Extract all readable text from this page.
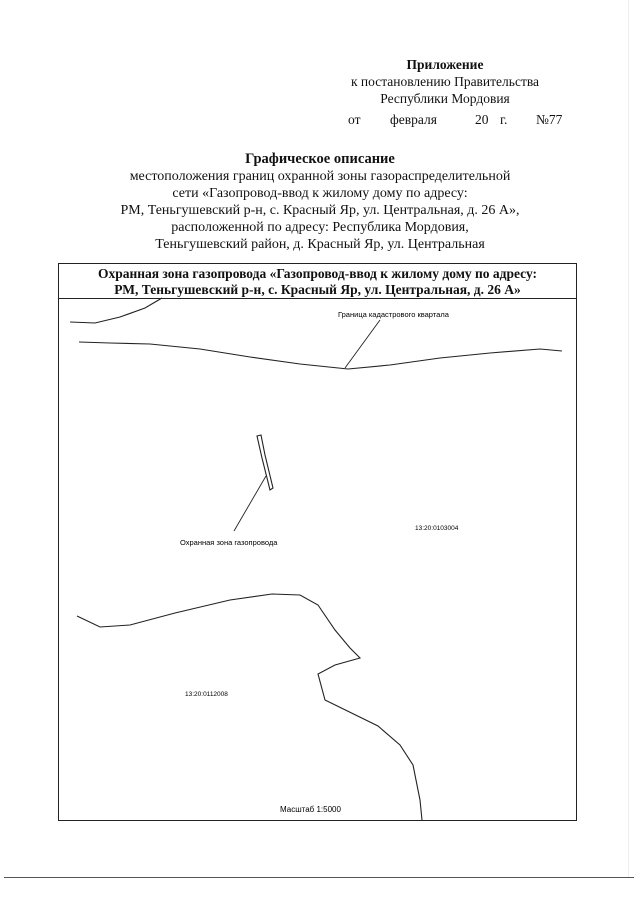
Приложение
к постановлению Правительства
Республики Мордовия
от февраля	20 г. №77
Графическое описание
местоположения границ охранной зоны газораспределительной
сети «Газопровод-ввод к жилому дому по адресу:
РМ, Теньгушевский р-н, с. Красный Яр, ул. Центральная, д. 26 А»,
расположенной по адресу: Республика Мордовия,
Теньгушевский район, д. Красный Яр, ул. Центральная
Охранная зона газопровода «Газопровод-ввод к жилому дому по адресу:
РМ, Теньгушевский р-н, с. Красный Яр, ул. Центральная, д. 26 А»
Граница кадастрового квартала
Охранная зона газопровода
13:20:0103004
13:20:0112008
Масштаб 1:5000
